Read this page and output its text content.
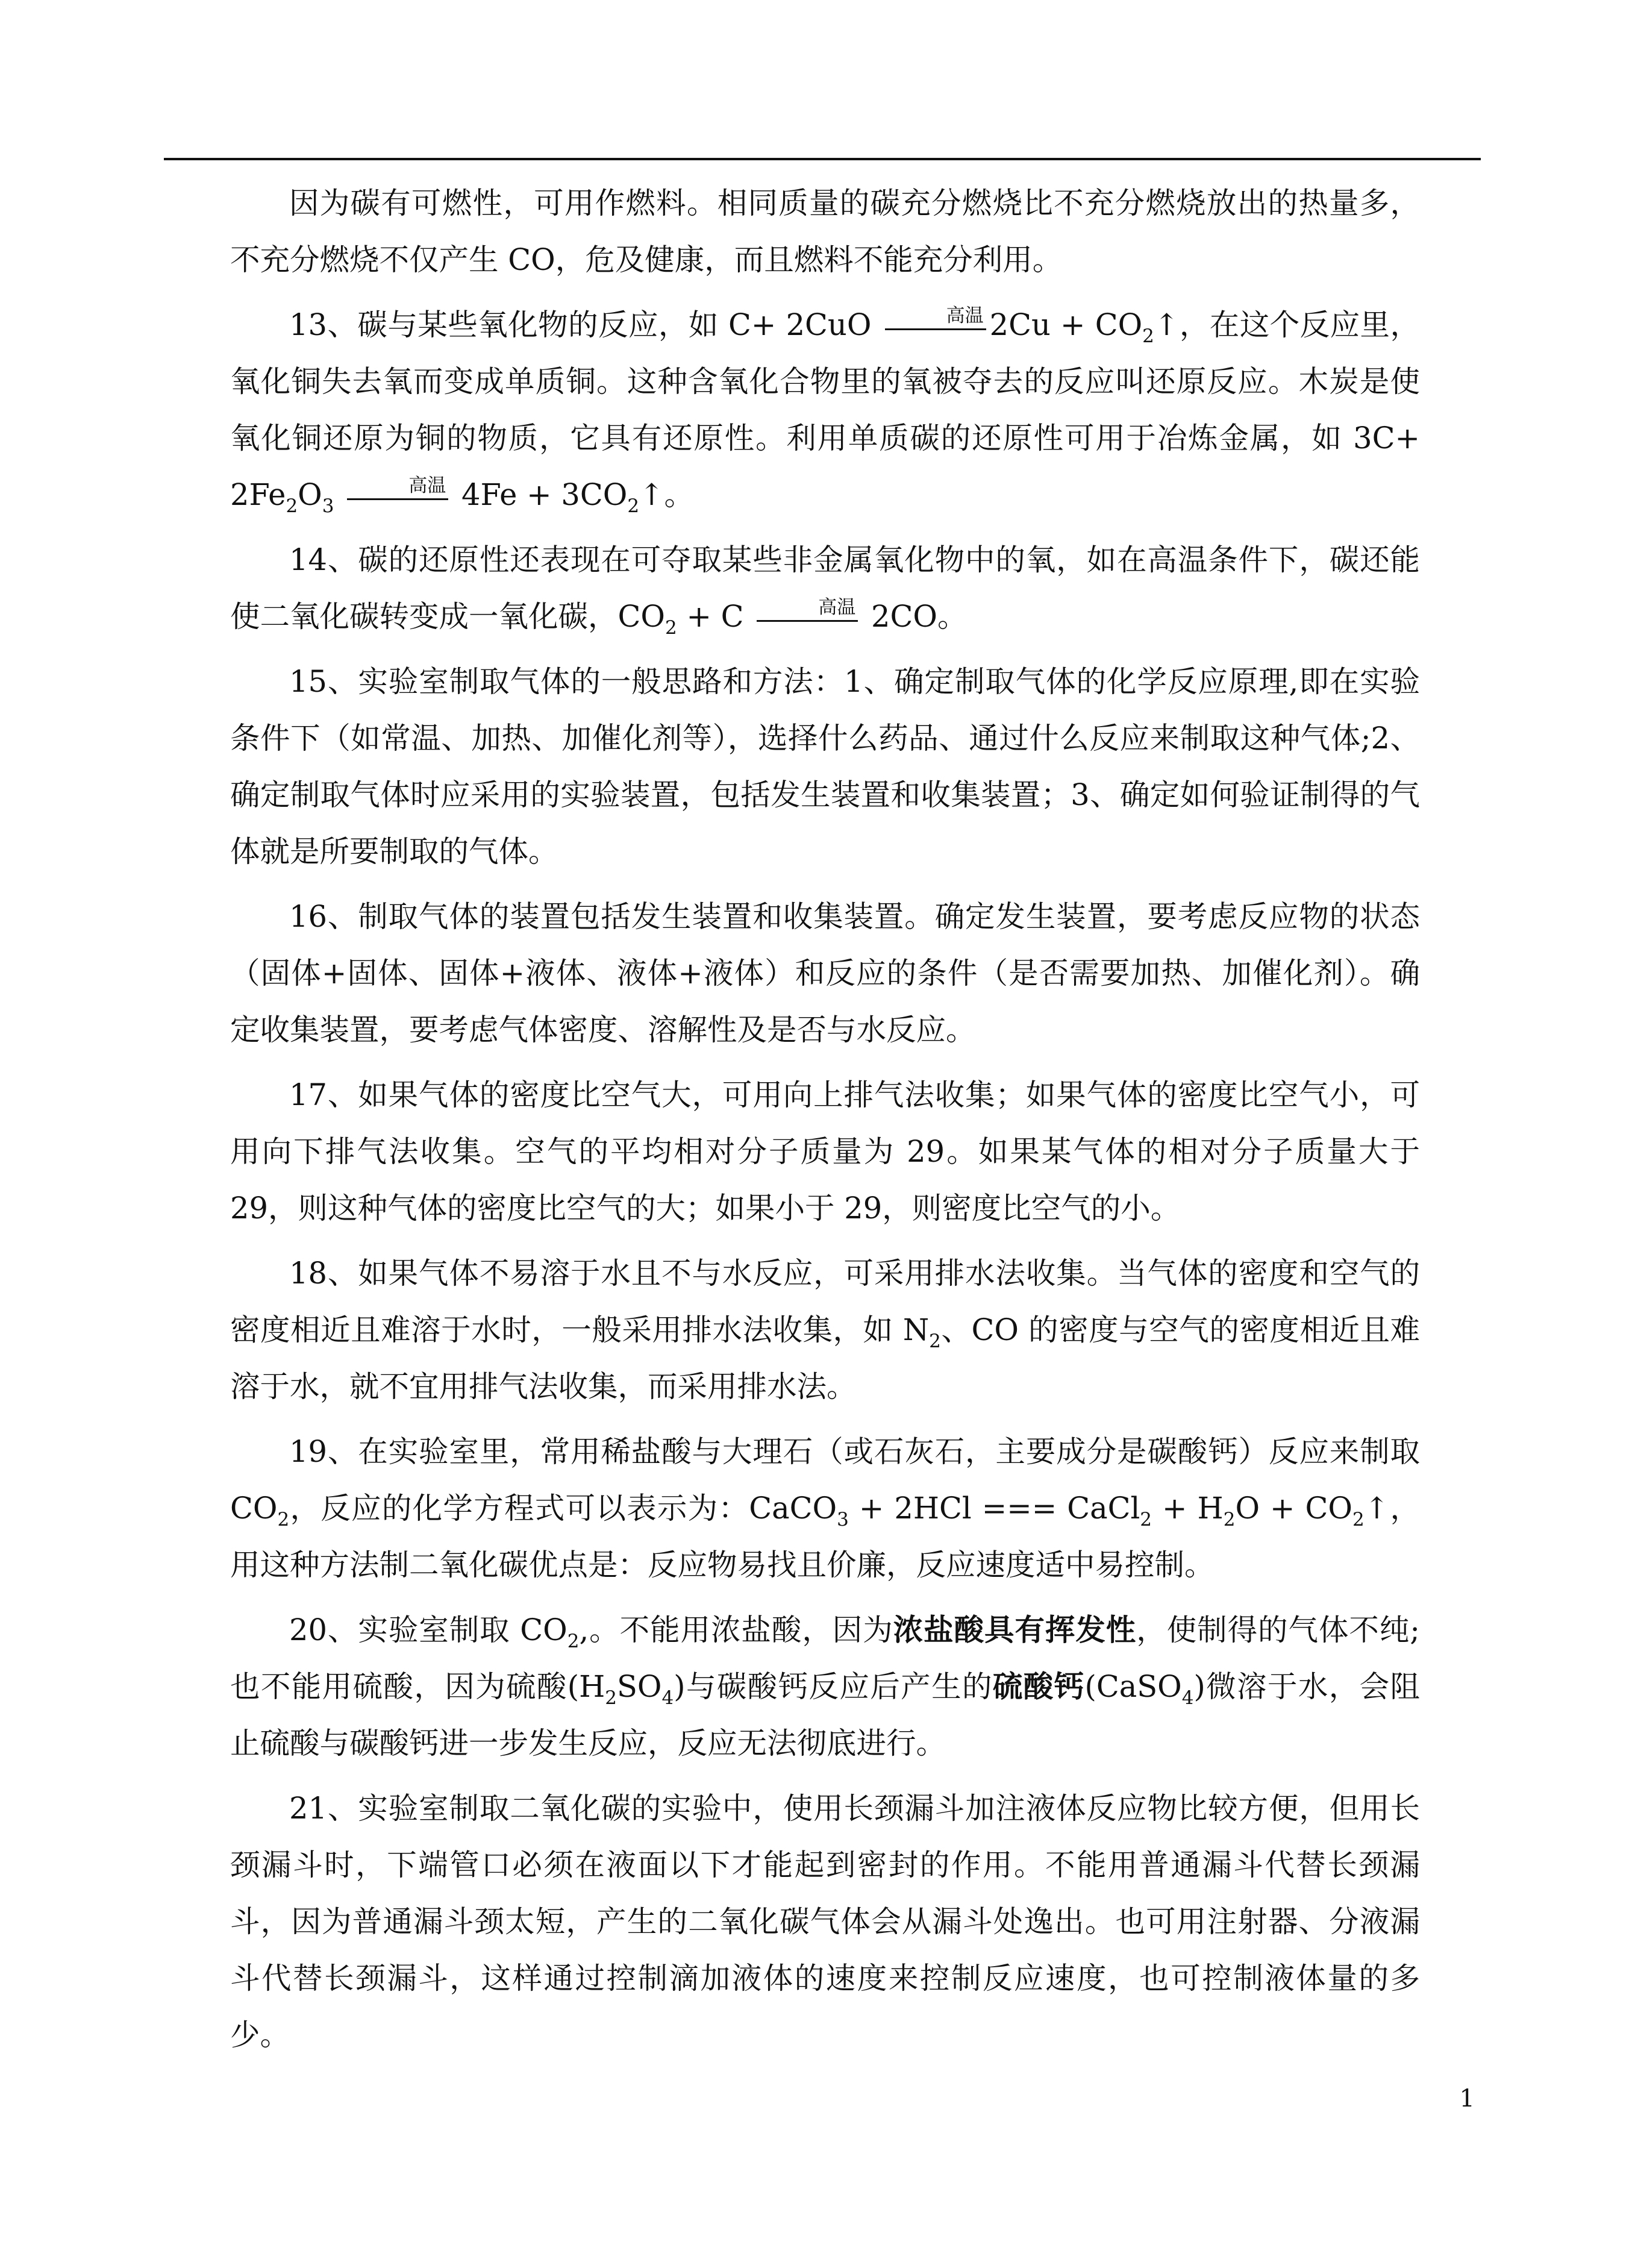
因为碳有可燃性，可用作燃料。相同质量的碳充分燃烧比不充分燃烧放出的热量多，不充分燃烧不仅产生 CO，危及健康，而且燃料不能充分利用。

13、碳与某些氧化物的反应，如 C+ 2CuO	高温 $2Cu + CO_2↑$，在这个反应里，氧化铜失去氧而变成单质铜。这种含氧化合物里的氧被夺去的反应叫还原反应。木炭是使氧化铜还原为铜的物质，它具有还原性。利用单质碳的还原性可用于冶炼金属，如 $3C+ 2Fe_2O_3$ 高温 $4Fe + 3CO_2↑$。

14、碳的还原性还表现在可夺取某些非金属氧化物中的氧，如在高温条件下，碳还能使二氧化碳转变成一氧化碳，$CO_2 + C$	高温 2CO。

15、实验室制取气体的一般思路和方法：1、确定制取气体的化学反应原理,即在实验条件下（如常温、加热、加催化剂等），选择什么药品、通过什么反应来制取这种气体;2、确定制取气体时应采用的实验装置，包括发生装置和收集装置；3、确定如何验证制得的气体就是所要制取的气体。

16、制取气体的装置包括发生装置和收集装置。确定发生装置，要考虑反应物的状态（固体+固体、固体+液体、液体+液体）和反应的条件（是否需要加热、加催化剂）。确定收集装置，要考虑气体密度、溶解性及是否与水反应。

17、如果气体的密度比空气大，可用向上排气法收集；如果气体的密度比空气小，可用向下排气法收集。空气的平均相对分子质量为 29。如果某气体的相对分子质量大于 29，则这种气体的密度比空气的大；如果小于 29，则密度比空气的小。

18、如果气体不易溶于水且不与水反应，可采用排水法收集。当气体的密度和空气的密度相近且难溶于水时，一般采用排水法收集，如 $N_2$、CO 的密度与空气的密度相近且难溶于水，就不宜用排气法收集，而采用排水法。

19、在实验室里，常用稀盐酸与大理石（或石灰石，主要成分是碳酸钙）反应来制取 $CO_2$，反应的化学方程式可以表示为：CaCO$_3$ + 2HCl === CaCl$_2$ + $H_2O$ + $CO_2↑$，用这种方法制二氧化碳优点是：反应物易找且价廉，反应速度适中易控制。

20、实验室制取 $CO_2$,。不能用浓盐酸，因为浓盐酸具有挥发性，使制得的气体不纯;也不能用硫酸，因为硫酸$(H_2SO_4)$与碳酸钙反应后产生的硫酸钙(CaSO$_4$)微溶于水，会阻止硫酸与碳酸钙进一步发生反应，反应无法彻底进行。

21、实验室制取二氧化碳的实验中，使用长颈漏斗加注液体反应物比较方便，但用长颈漏斗时，下端管口必须在液面以下才能起到密封的作用。不能用普通漏斗代替长颈漏斗，因为普通漏斗颈太短，产生的二氧化碳气体会从漏斗处逸出。也可用注射器、分液漏斗代替长颈漏斗，这样通过控制滴加液体的速度来控制反应速度，也可控制液体量的多少。

1
